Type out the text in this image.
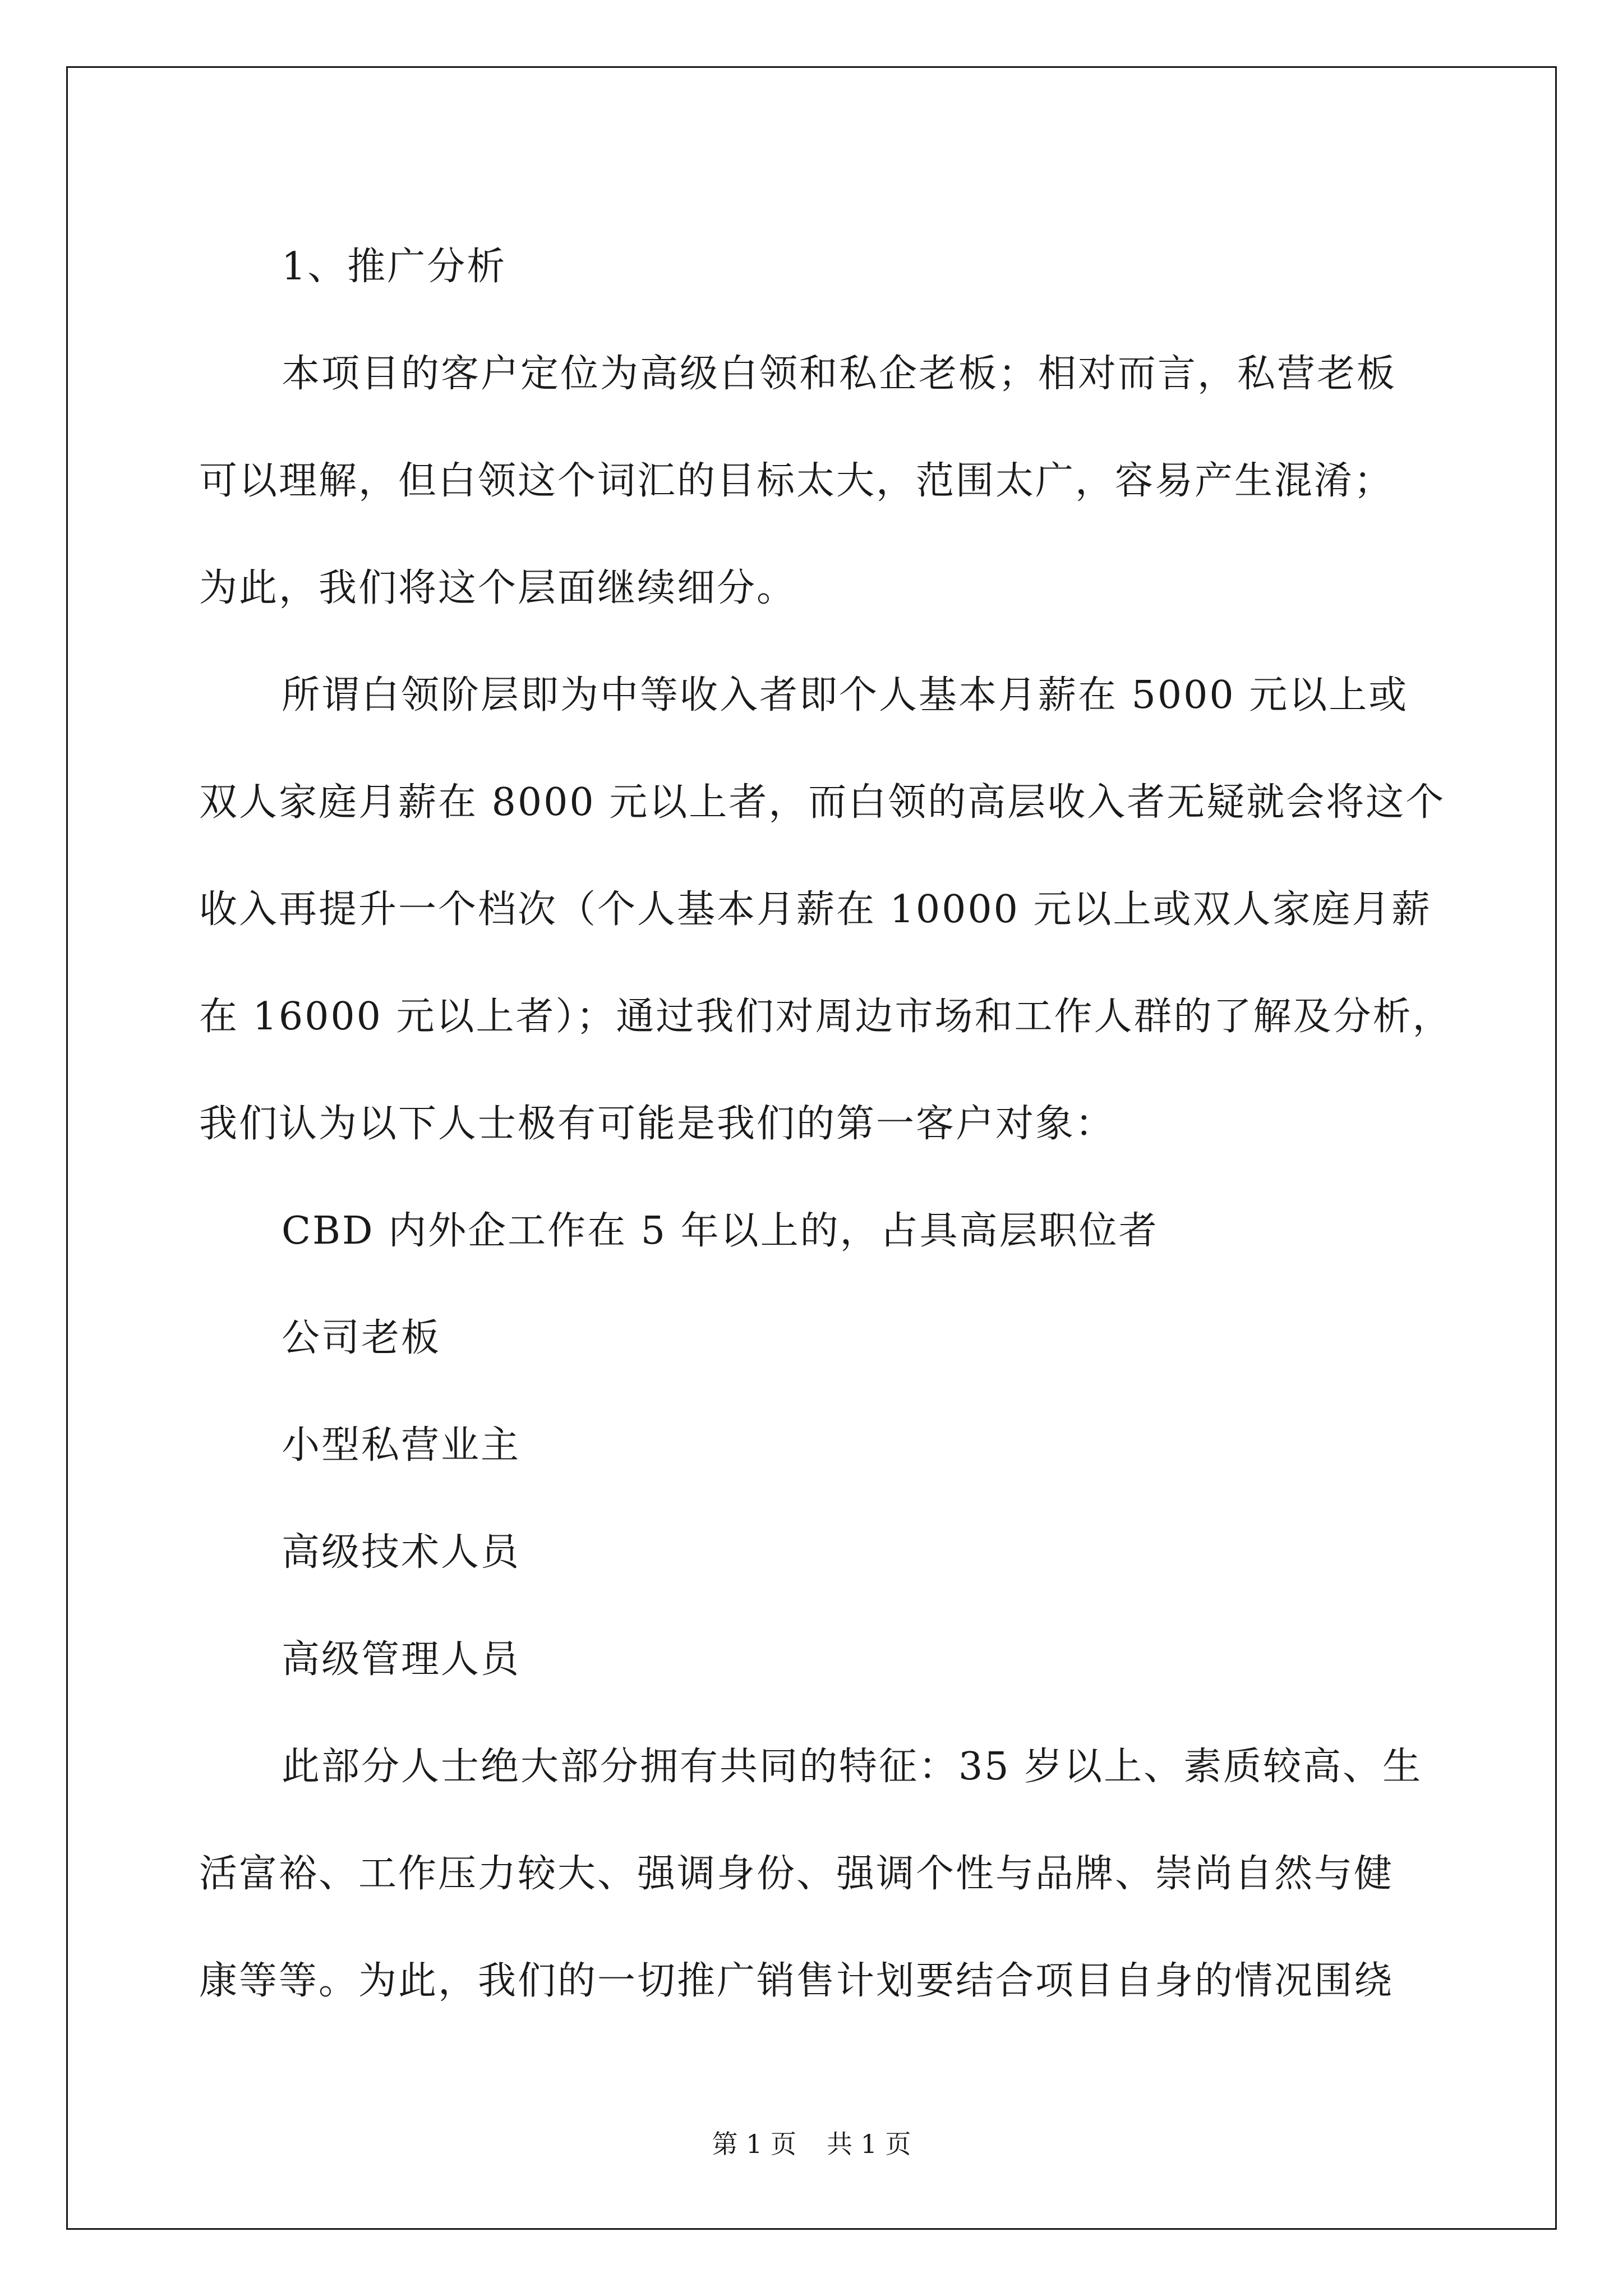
1、推广分析
本项目的客户定位为高级白领和私企老板；相对而言，私营老板
可以理解，但白领这个词汇的目标太大，范围太广，容易产生混淆；
为此，我们将这个层面继续细分。
所谓白领阶层即为中等收入者即个人基本月薪在 5000 元以上或
双人家庭月薪在 8000 元以上者，而白领的高层收入者无疑就会将这个
收入再提升一个档次（个人基本月薪在 10000 元以上或双人家庭月薪
在 16000 元以上者）；通过我们对周边市场和工作人群的了解及分析，
我们认为以下人士极有可能是我们的第一客户对象：
CBD 内外企工作在 5 年以上的，占具高层职位者
公司老板
小型私营业主
高级技术人员
高级管理人员
此部分人士绝大部分拥有共同的特征：35 岁以上、素质较高、生
活富裕、工作压力较大、强调身份、强调个性与品牌、崇尚自然与健
康等等。为此，我们的一切推广销售计划要结合项目自身的情况围绕
第 1 页 共 1 页
